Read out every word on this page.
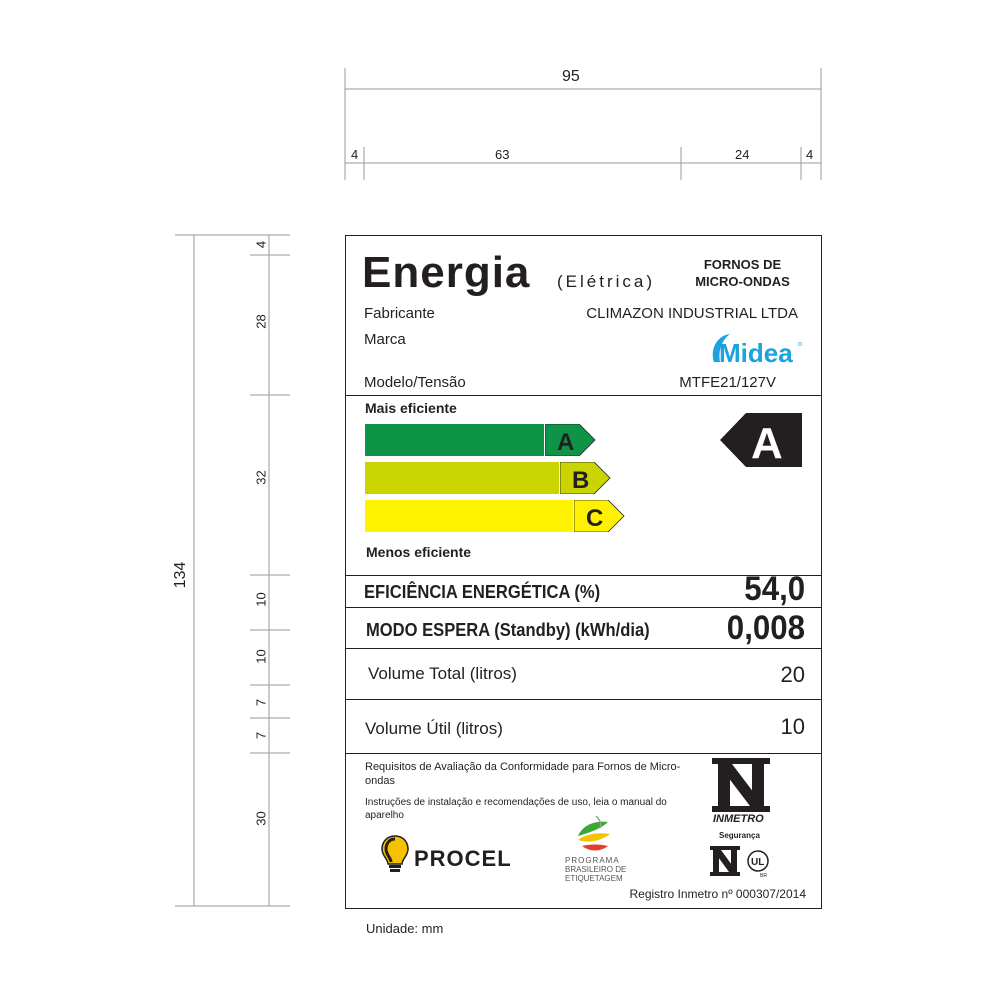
95
4	63	24	4
134
4
28
32
10
10
7
7
30
Energia (Elétrica)
FORNOS DE MICRO-ONDAS
Fabricante	CLIMAZON INDUSTRIAL LTDA
Marca	Midea
Modelo/Tensão	MTFE21/127V
Mais eficiente
A
B
C
A
Menos eficiente
EFICIÊNCIA ENERGÉTICA (%)	54,0
MODO ESPERA (Standby) (kWh/dia) 0,008
Volume Total (litros)	20
Volume Útil (litros)	10
Requisitos de Avaliação da Conformidade para Fornos de Micro-ondas
Instruções de instalação e recomendações de uso, leia o manual do aparelho
PROCEL	PROGRAMA
BRASILEIRO DE
ETIQUETAGEM
INMETRO
Segurança
UL
BR
Registro Inmetro nº 000307/2014
Unidade: mm
